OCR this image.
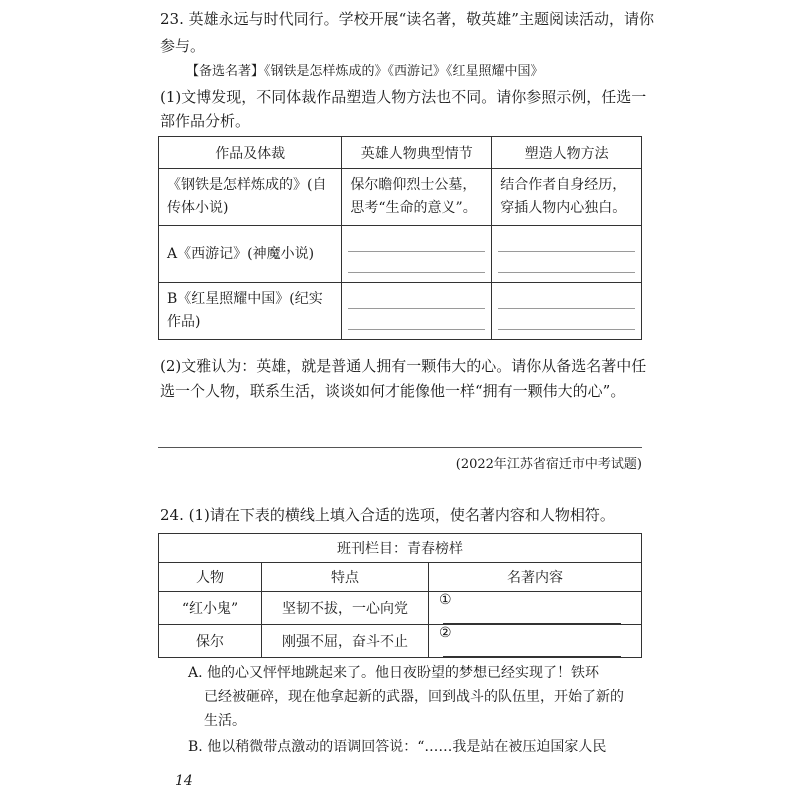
23. 英雄永远与时代同行。学校开展“读名著，敬英雄”主题阅读活动，请你
参与。
【备选名著】《钢铁是怎样炼成的》《西游记》《红星照耀中国》
(1)文博发现，不同体裁作品塑造人物方法也不同。请你参照示例，任选一
部作品分析。
作品及体裁	英雄人物典型情节	塑造人物方法
《钢铁是怎样炼成的》(自传体小说)	保尔瞻仰烈士公墓，思考“生命的意义”。	结合作者自身经历，穿插人物内心独白。
A《西游记》(神魔小说)	

B《红星照耀中国》(纪实作品)	

(2)文雅认为：英雄，就是普通人拥有一颗伟大的心。请你从备选名著中任
选一个人物，联系生活，谈谈如何才能像他一样“拥有一颗伟大的心”。
(2022年江苏省宿迁市中考试题)
24. (1)请在下表的横线上填入合适的选项，使名著内容和人物相符。
班刊栏目：青春榜样		
人物	特点	名著内容
“红小鬼”	坚韧不拔，一心向党	①
保尔	刚强不屈，奋斗不止	②
A. 他的心又怦怦地跳起来了。他日夜盼望的梦想已经实现了！铁环
已经被砸碎，现在他拿起新的武器，回到战斗的队伍里，开始了新的
生活。
B. 他以稍微带点激动的语调回答说：“……我是站在被压迫国家人民
14
